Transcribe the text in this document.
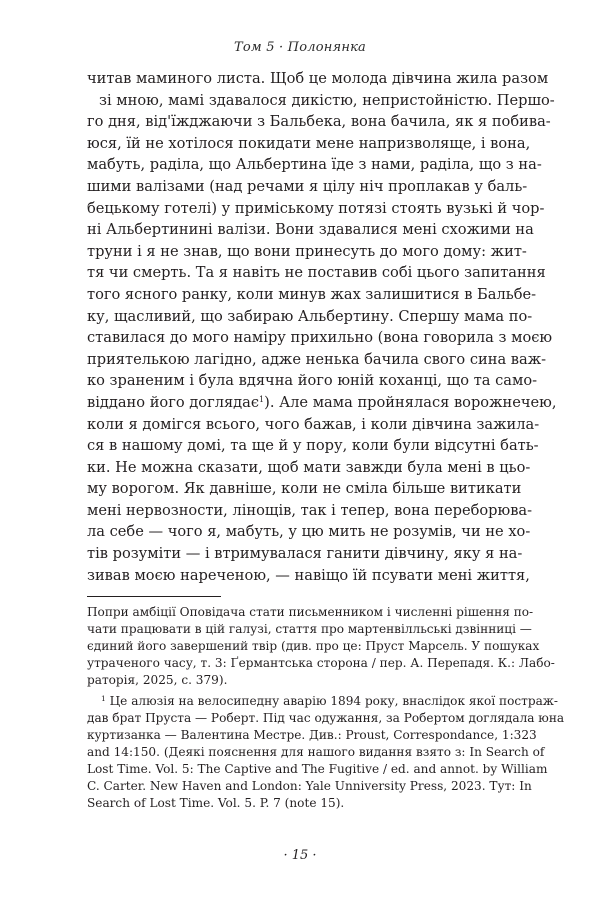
Том 5 · Полонянка
читав маминого листа. Щоб це молода дівчина жила разом
зі мною, мамі здавалося дикістю, непристойністю. Першо-
го дня, від'їжджаючи з Бальбека, вона бачила, як я побива-
юся, їй не хотілося покидати мене напризволяще, і вона,
мабуть, раділа, що Альбертина їде з нами, раділа, що з на-
шими валізами (над речами я цілу ніч проплакав у баль-
бецькому готелі) у приміському потязі стоять вузькі й чор-
ні Альбертинині валізи. Вони здавалися мені схожими на
труни і я не знав, що вони принесуть до мого дому: жит-
тя чи смерть. Та я навіть не поставив собі цього запитання
того ясного ранку, коли минув жах залишитися в Бальбе-
ку, щасливий, що забираю Альбертину. Спершу мама по-
ставилася до мого наміру прихильно (вона говорила з моєю
приятелькою лагідно, адже ненька бачила свого сина важ-
ко зраненим і була вдячна його юній коханці, що та само-
віддано його доглядає$^1$). Але мама пройнялася ворожнечею,
коли я домігся всього, чого бажав, і коли дівчина зажила-
ся в нашому домі, та ще й у пору, коли були відсутні бать-
ки. Не можна сказати, щоб мати завжди була мені в цьо-
му ворогом. Як давніше, коли не сміла більше витикати
мені нервозности, лінощів, так і тепер, вона переборюва-
ла себе — чого я, мабуть, у цю мить не розумів, чи не хо-
тів розуміти — і втримувалася ганити дівчину, яку я на-
зивав моєю нареченою, — навіщо їй псувати мені життя,
Попри амбіції Оповідача стати письменником і численні рішення по-
чати працювати в цій галузі, стаття про мартенвілльські дзвінниці —
єдиний його завершений твір (див. про це: Пруст Марсель. У пошуках
утраченого часу, т. 3: Ґермантська сторона / пер. А. Перепадя. К.: Лабо-
раторія, 2025, с. 379).
$^1$ Це алюзія на велосипедну аварію 1894 року, внаслідок якої постраж-
дав брат Пруста — Роберт. Під час одужання, за Робертом доглядала юна
куртизанка — Валентина Местре. Див.: Proust, Correspondance, 1:323
and 14:150. (Деякі пояснення для нашого видання взято з: In Search of
Lost Time. Vol. 5: The Captive and The Fugitive / ed. and annot. by William
C. Carter. New Haven and London: Yale Unniversity Press, 2023. Тут: In
Search of Lost Time. Vol. 5. P. 7 (note 15).
· 15 ·
